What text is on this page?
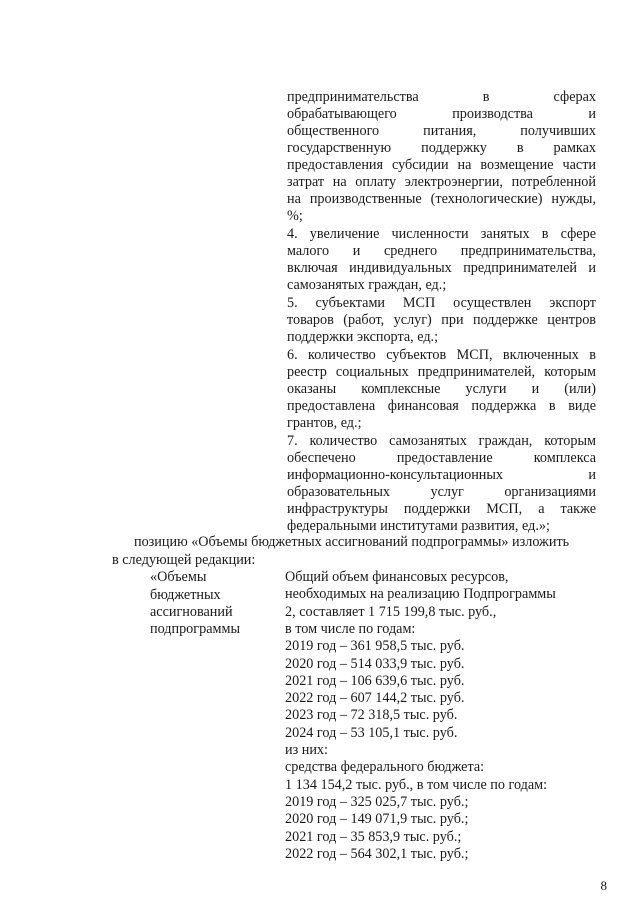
предпринимательства в сферах
обрабатывающего производства и
общественного питания, получивших
государственную поддержку в рамках
предоставления субсидии на возмещение части
затрат на оплату электроэнергии, потребленной
на производственные (технологические) нужды,
%;
4. увеличение численности занятых в сфере
малого и среднего предпринимательства,
включая индивидуальных предпринимателей и
самозанятых граждан, ед.;
5. субъектами МСП осуществлен экспорт
товаров (работ, услуг) при поддержке центров
поддержки экспорта, ед.;
6. количество субъектов МСП, включенных в
реестр социальных предпринимателей, которым
оказаны комплексные услуги и (или)
предоставлена финансовая поддержка в виде
грантов, ед.;
7. количество самозанятых граждан, которым
обеспечено предоставление комплекса
информационно-консультационных и
образовательных услуг организациями
инфраструктуры поддержки МСП, а также
федеральными институтами развития, ед.»;
позицию «Объемы бюджетных ассигнований подпрограммы» изложить
в следующей редакции:
«Объемы
бюджетных
ассигнований
подпрограммы
Общий объем финансовых ресурсов,
необходимых на реализацию Подпрограммы
2, составляет 1 715 199,8 тыс. руб.,
в том числе по годам:
2019 год – 361 958,5 тыс. руб.
2020 год – 514 033,9 тыс. руб.
2021 год – 106 639,6 тыс. руб.
2022 год – 607 144,2 тыс. руб.
2023 год – 72 318,5 тыс. руб.
2024 год – 53 105,1 тыс. руб.
из них:
средства федерального бюджета:
1 134 154,2 тыс. руб., в том числе по годам:
2019 год – 325 025,7 тыс. руб.;
2020 год – 149 071,9 тыс. руб.;
2021 год – 35 853,9 тыс. руб.;
2022 год – 564 302,1 тыс. руб.;
8
